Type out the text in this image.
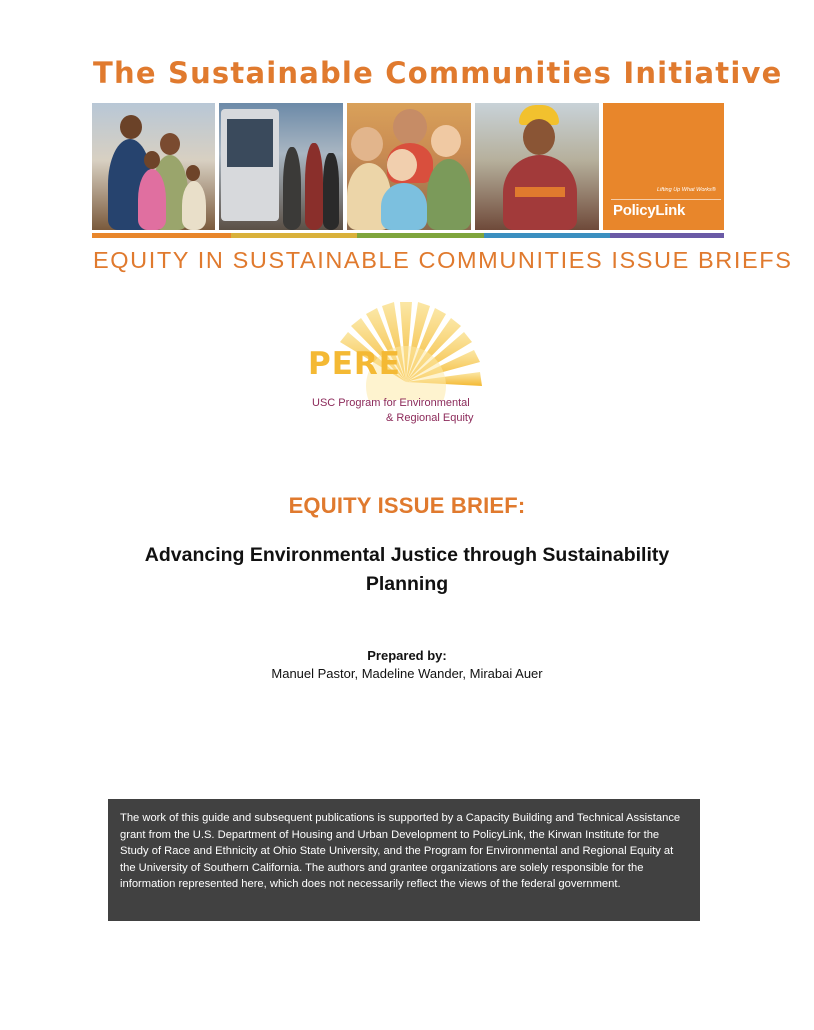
The Sustainable Communities Initiative
Lifting Up What Works®
PolicyLink
EQUITY IN SUSTAINABLE COMMUNITIES ISSUE BRIEFS
PERE
USC Program for Environmental
& Regional Equity
EQUITY ISSUE BRIEF:
Advancing Environmental Justice through Sustainability Planning
Prepared by:
Manuel Pastor, Madeline Wander, Mirabai Auer
The work of this guide and subsequent publications is supported by a Capacity Building and Technical Assistance grant from the U.S. Department of Housing and Urban Development to PolicyLink, the Kirwan Institute for the Study of Race and Ethnicity at Ohio State University, and the Program for Environmental and Regional Equity at the University of Southern California. The authors and grantee organizations are solely responsible for the information represented here, which does not necessarily reflect the views of the federal government.
